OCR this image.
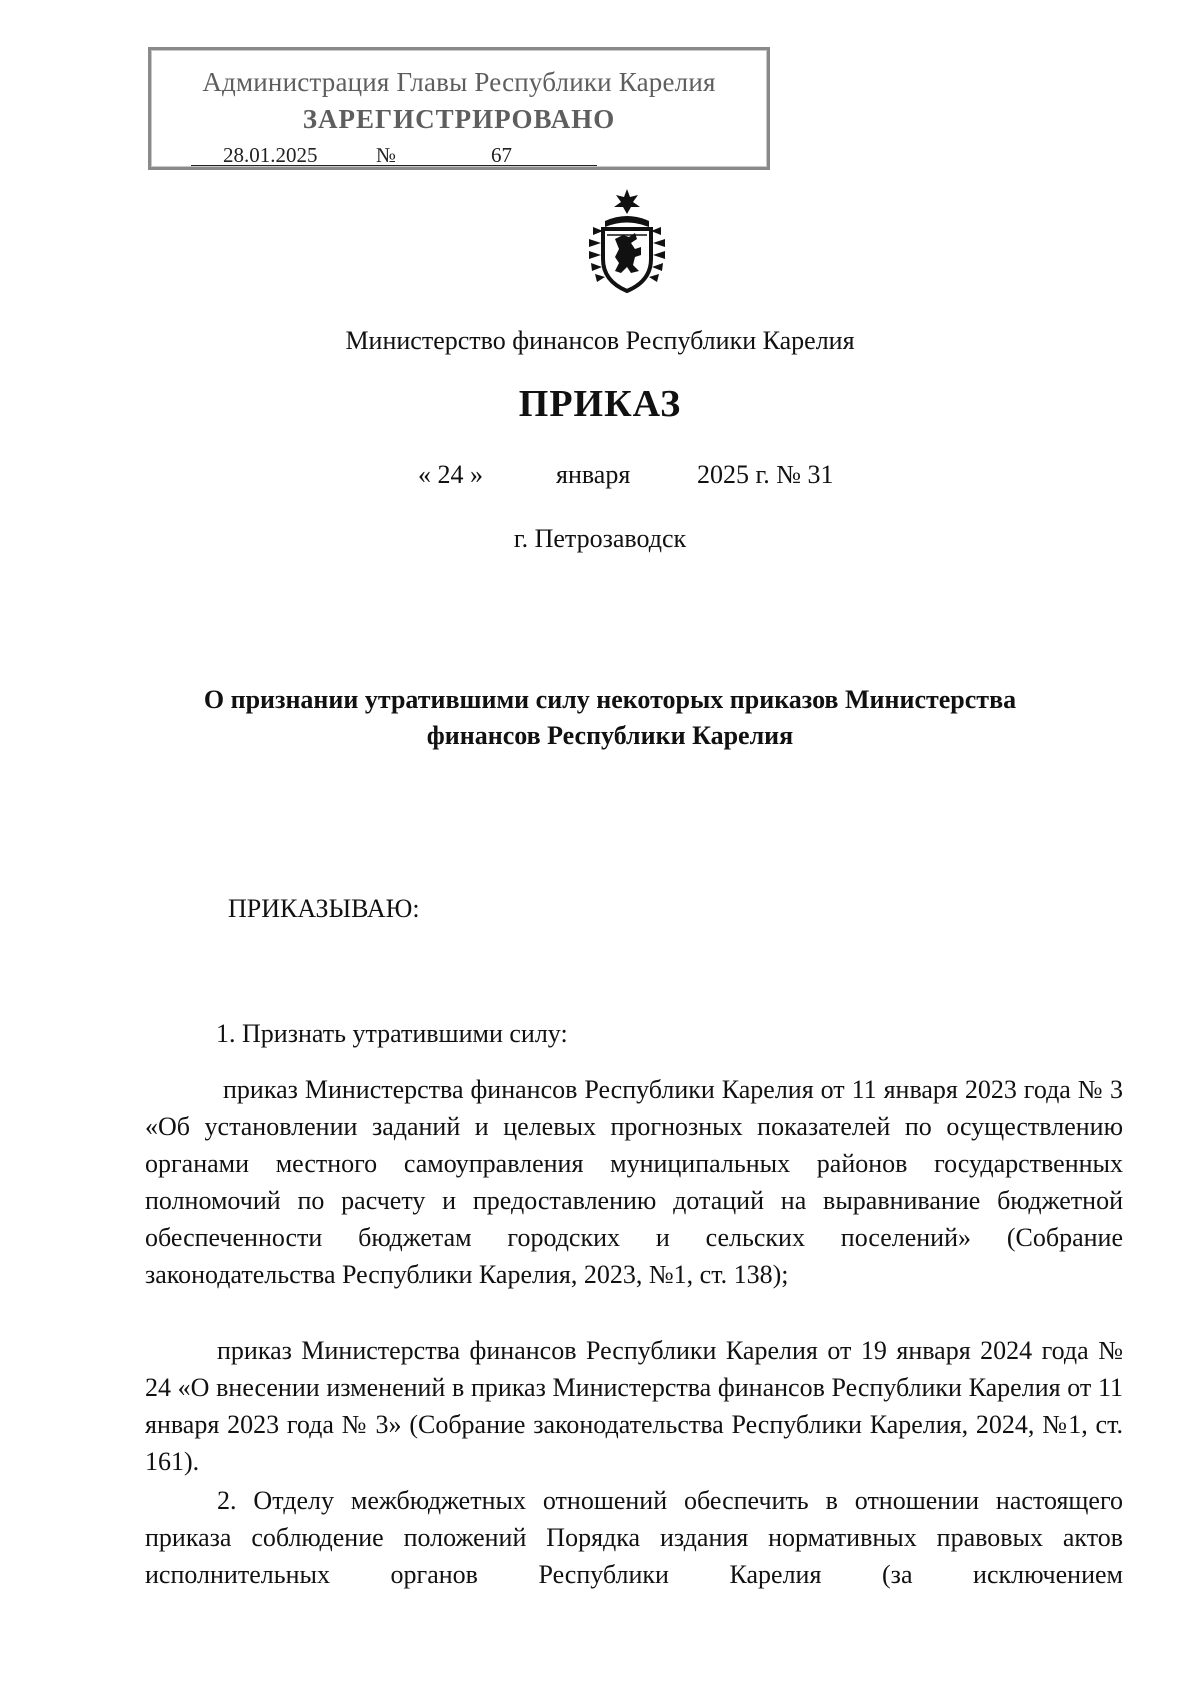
Администрация Главы Республики Карелия
ЗАРЕГИСТРИРОВАНО
28.01.2025	№	67
Министерство финансов Республики Карелия
ПРИКАЗ
« 24 »	января	2025 г. № 31
г. Петрозаводск
О признании утратившими силу некоторых приказов Министерства финансов Республики Карелия
ПРИКАЗЫВАЮ:
1. Признать утратившими силу:
приказ Министерства финансов Республики Карелия от 11 января 2023 года № 3 «Об установлении заданий и целевых прогнозных показателей по осуществлению органами местного самоуправления муниципальных районов государственных полномочий по расчету и предоставлению дотаций на выравнивание бюджетной обеспеченности бюджетам городских и сельских поселений» (Собрание законодательства Республики Карелия, 2023, №1, ст. 138);
приказ Министерства финансов Республики Карелия от 19 января 2024 года № 24 «О внесении изменений в приказ Министерства финансов Республики Карелия от 11 января 2023 года № 3» (Собрание законодательства Республики Карелия, 2024, №1, ст. 161).
2. Отделу межбюджетных отношений обеспечить в отношении настоящего приказа соблюдение положений Порядка издания нормативных правовых актов исполнительных органов Республики Карелия (за исключением
